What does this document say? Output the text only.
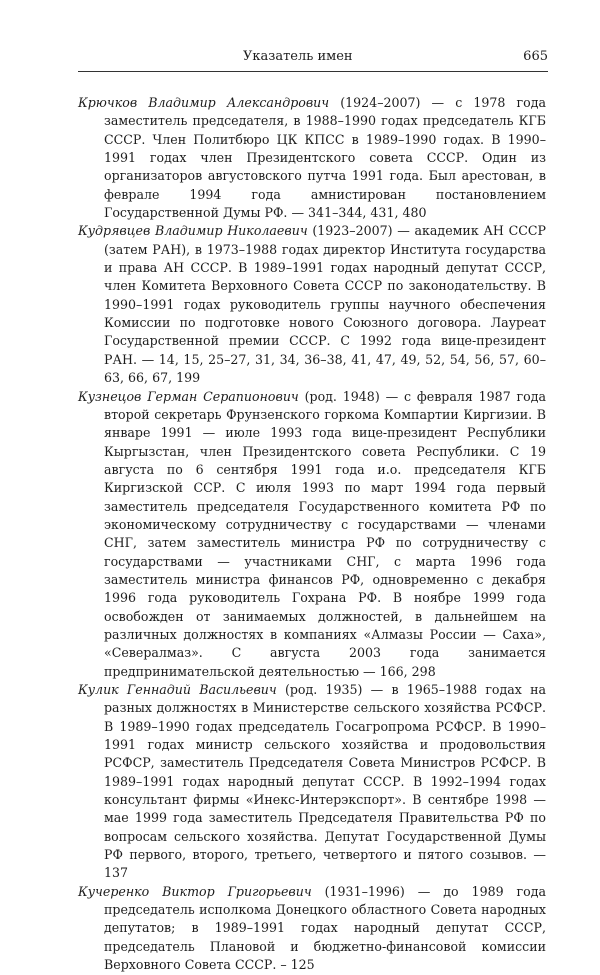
Указатель имен	665

Крючков Владимир Александрович (1924–2007) — с 1978 года заместитель председателя, в 1988–1990 годах председатель КГБ СССР. Член Политбюро ЦК КПСС в 1989–1990 годах. В 1990–1991 годах член Президентского совета СССР. Один из организаторов августовского путча 1991 года. Был арестован, в феврале 1994 года амнистирован постановлением Государственной Думы РФ. — 341–344, 431, 480

Кудрявцев Владимир Николаевич (1923–2007) — академик АН СССР (затем РАН), в 1973–1988 годах директор Института государства и права АН СССР. В 1989–1991 годах народный депутат СССР, член Комитета Верховного Совета СССР по законодательству. В 1990–1991 годах руководитель группы научного обеспечения Комиссии по подготовке нового Союзного договора. Лауреат Государственной премии СССР. С 1992 года вице-президент РАН. — 14, 15, 25–27, 31, 34, 36–38, 41, 47, 49, 52, 54, 56, 57, 60–63, 66, 67, 199

Кузнецов Герман Серапионович (род. 1948) — с февраля 1987 года второй секретарь Фрунзенского горкома Компартии Киргизии. В январе 1991 — июле 1993 года вице-президент Республики Кыргызстан, член Президентского совета Республики. С 19 августа по 6 сентября 1991 года и.о. председателя КГБ Киргизской ССР. С июля 1993 по март 1994 года первый заместитель председателя Государственного комитета РФ по экономическому сотрудничеству с государствами — членами СНГ, затем заместитель министра РФ по сотрудничеству с государствами — участниками СНГ, с марта 1996 года заместитель министра финансов РФ, одновременно с декабря 1996 года руководитель Гохрана РФ. В ноябре 1999 года освобожден от занимаемых должностей, в дальнейшем на различных должностях в компаниях «Алмазы России — Саха», «Севералмаз». С августа 2003 года занимается предпринимательской деятельностью — 166, 298

Кулик Геннадий Васильевич (род. 1935) — в 1965–1988 годах на разных должностях в Министерстве сельского хозяйства РСФСР. В 1989–1990 годах председатель Госагропрома РСФСР. В 1990–1991 годах министр сельского хозяйства и продовольствия РСФСР, заместитель Председателя Совета Министров РСФСР. В 1989–1991 годах народный депутат СССР. В 1992–1994 годах консультант фирмы «Инекс-Интерэкспорт». В сентябре 1998 — мае 1999 года заместитель Председателя Правительства РФ по вопросам сельского хозяйства. Депутат Государственной Думы РФ первого, второго, третьего, четвертого и пятого созывов. — 137

Кучеренко Виктор Григорьевич (1931–1996) — до 1989 года председатель исполкома Донецкого областного Совета народных депутатов; в 1989–1991 годах народный депутат СССР, председатель Плановой и бюджетно-финансовой комиссии Верховного Совета СССР. – 125
